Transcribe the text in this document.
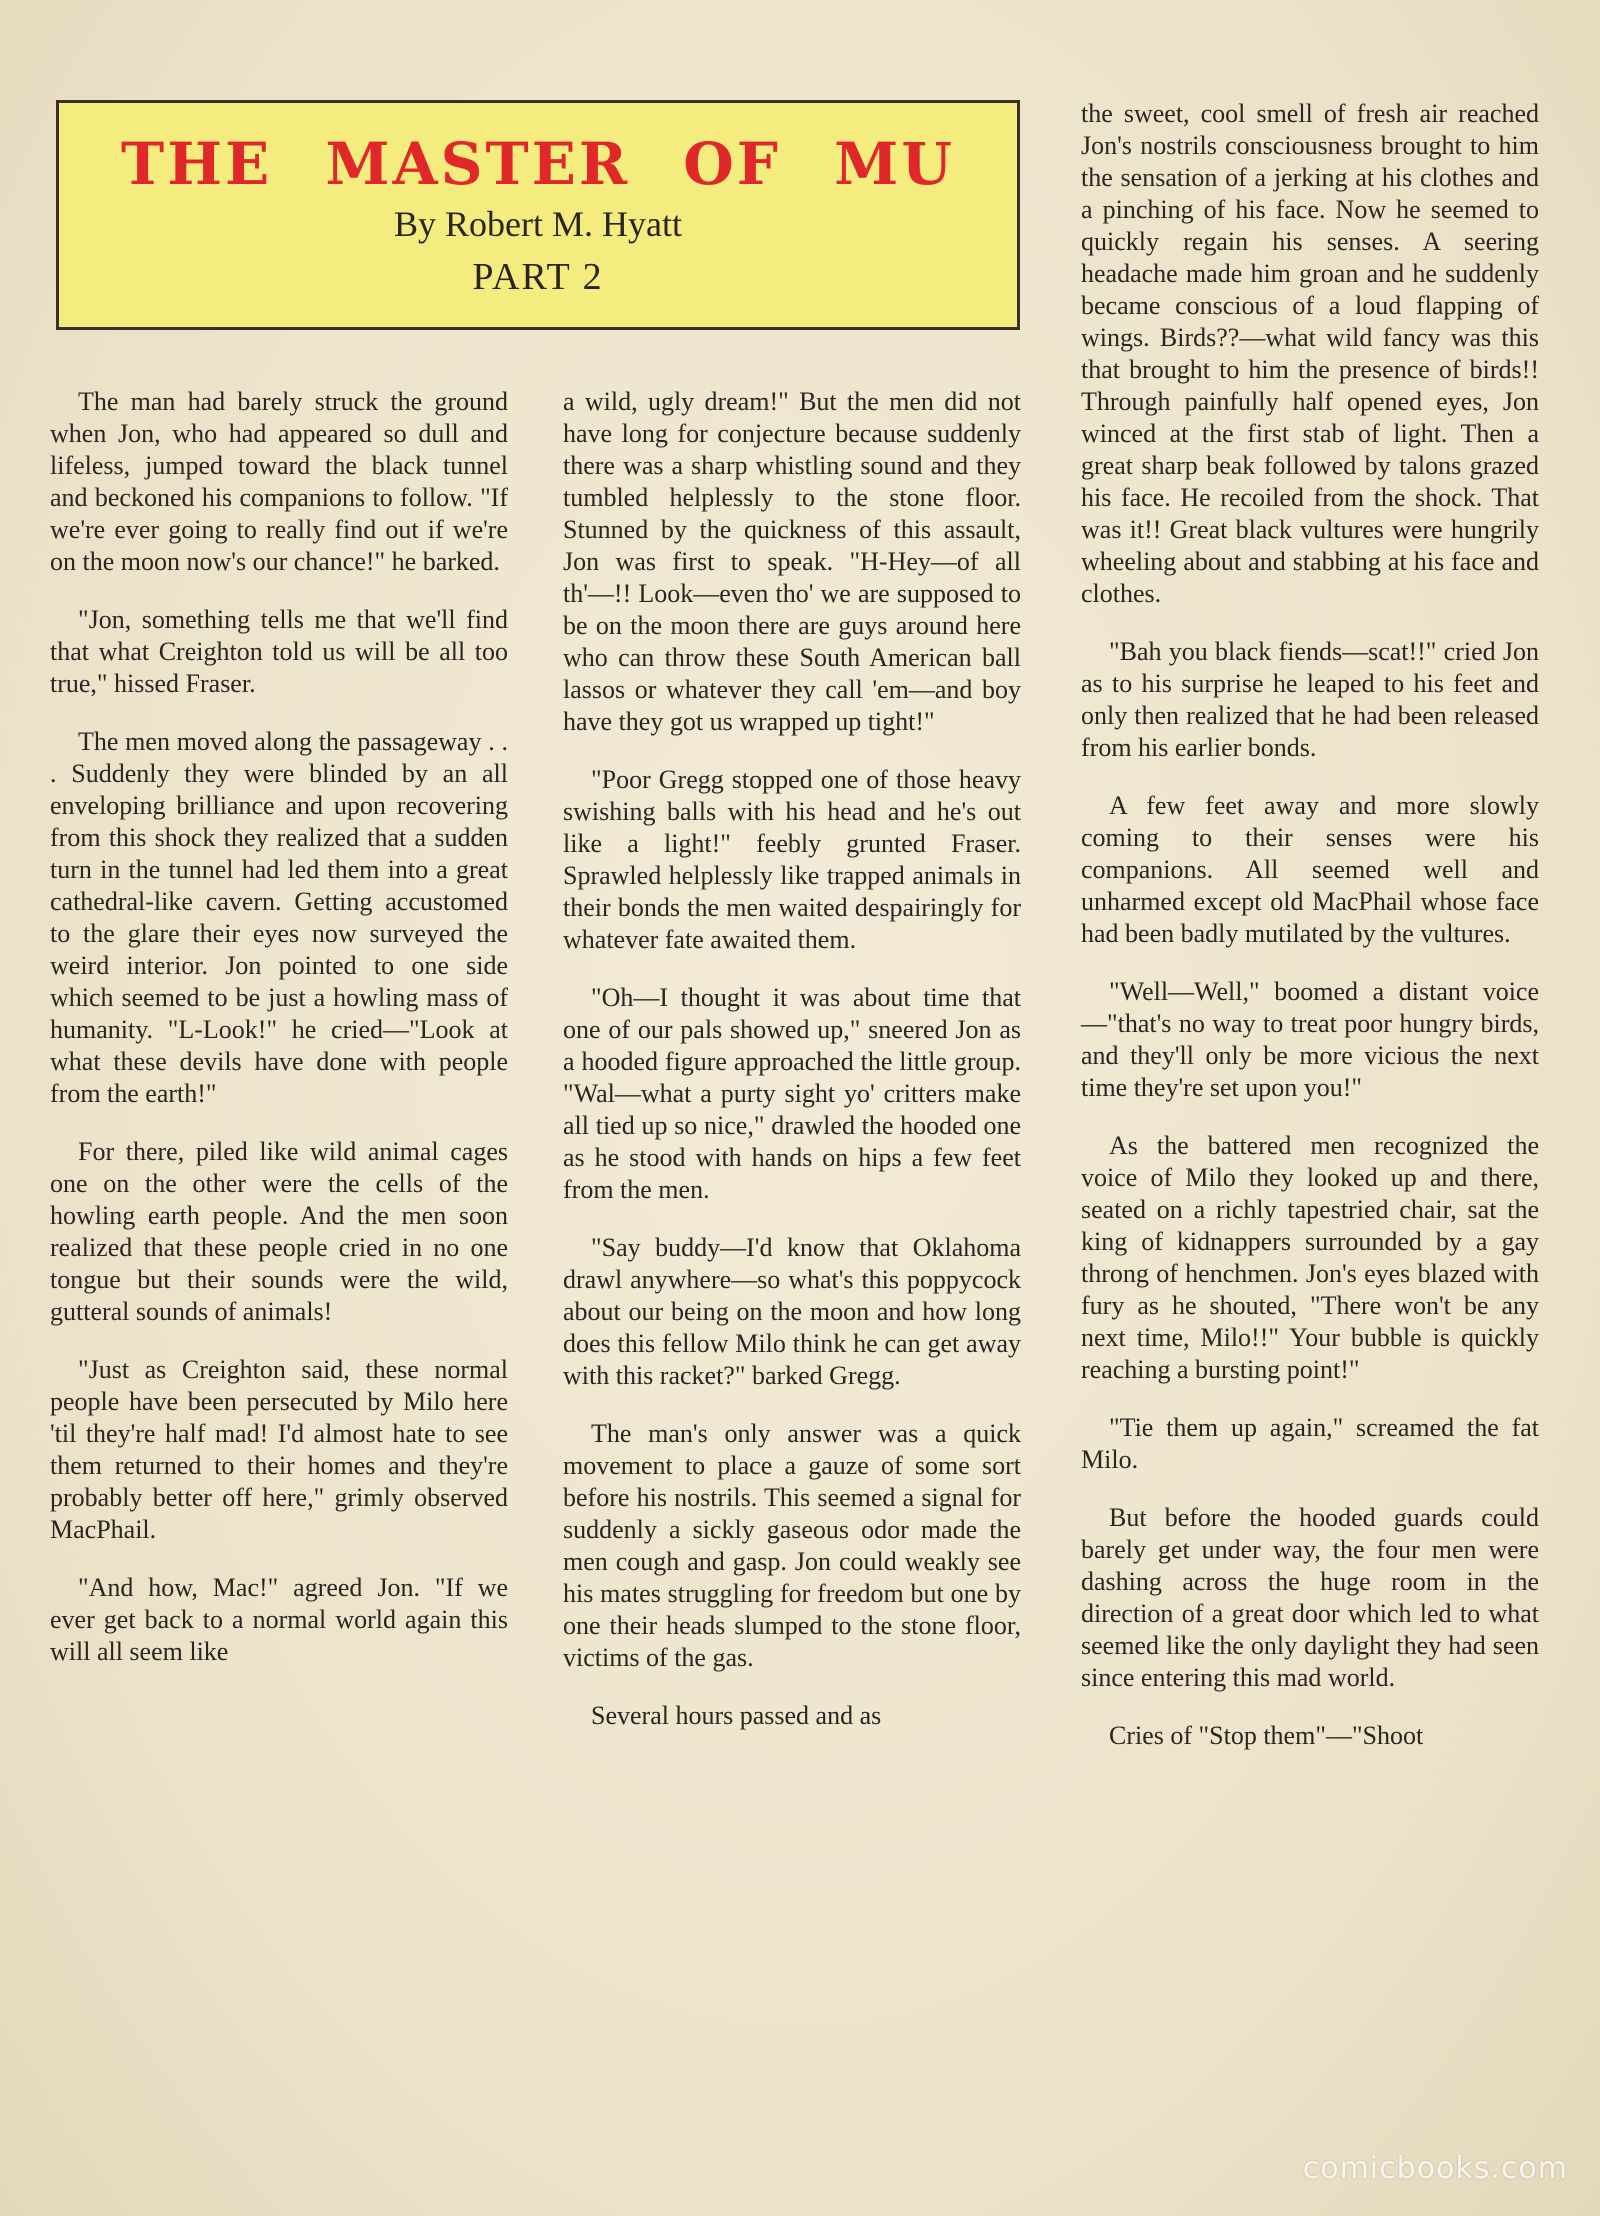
THE MASTER OF MU
By Robert M. Hyatt
PART 2

The man had barely struck the ground when Jon, who had appeared so dull and lifeless, jumped toward the black tunnel and beckoned his companions to follow. "If we're ever going to really find out if we're on the moon now's our chance!" he barked.

"Jon, something tells me that we'll find that what Creighton told us will be all too true," hissed Fraser.

The men moved along the passageway . . . Suddenly they were blinded by an all enveloping brilliance and upon recovering from this shock they realized that a sudden turn in the tunnel had led them into a great cathedral-like cavern. Getting accustomed to the glare their eyes now surveyed the weird interior. Jon pointed to one side which seemed to be just a howling mass of humanity. "L-Look!" he cried—"Look at what these devils have done with people from the earth!"

For there, piled like wild animal cages one on the other were the cells of the howling earth people. And the men soon realized that these people cried in no one tongue but their sounds were the wild, gutteral sounds of animals!

"Just as Creighton said, these normal people have been persecuted by Milo here 'til they're half mad! I'd almost hate to see them returned to their homes and they're probably better off here," grimly observed MacPhail.

"And how, Mac!" agreed Jon. "If we ever get back to a normal world again this will all seem like

a wild, ugly dream!" But the men did not have long for conjecture because suddenly there was a sharp whistling sound and they tumbled helplessly to the stone floor. Stunned by the quickness of this assault, Jon was first to speak. "H-Hey—of all th'—!! Look—even tho' we are supposed to be on the moon there are guys around here who can throw these South American ball lassos or whatever they call 'em—and boy have they got us wrapped up tight!"

"Poor Gregg stopped one of those heavy swishing balls with his head and he's out like a light!" feebly grunted Fraser. Sprawled helplessly like trapped animals in their bonds the men waited despairingly for whatever fate awaited them.

"Oh—I thought it was about time that one of our pals showed up," sneered Jon as a hooded figure approached the little group. "Wal—what a purty sight yo' critters make all tied up so nice," drawled the hooded one as he stood with hands on hips a few feet from the men.

"Say buddy—I'd know that Oklahoma drawl anywhere—so what's this poppycock about our being on the moon and how long does this fellow Milo think he can get away with this racket?" barked Gregg.

The man's only answer was a quick movement to place a gauze of some sort before his nostrils. This seemed a signal for suddenly a sickly gaseous odor made the men cough and gasp. Jon could weakly see his mates struggling for freedom but one by one their heads slumped to the stone floor, victims of the gas.

Several hours passed and as

the sweet, cool smell of fresh air reached Jon's nostrils consciousness brought to him the sensation of a jerking at his clothes and a pinching of his face. Now he seemed to quickly regain his senses. A seering headache made him groan and he suddenly became conscious of a loud flapping of wings. Birds??—what wild fancy was this that brought to him the presence of birds!! Through painfully half opened eyes, Jon winced at the first stab of light. Then a great sharp beak followed by talons grazed his face. He recoiled from the shock. That was it!! Great black vultures were hungrily wheeling about and stabbing at his face and clothes.

"Bah you black fiends—scat!!" cried Jon as to his surprise he leaped to his feet and only then realized that he had been released from his earlier bonds.

A few feet away and more slowly coming to their senses were his companions. All seemed well and unharmed except old MacPhail whose face had been badly mutilated by the vultures.

"Well—Well," boomed a distant voice—"that's no way to treat poor hungry birds, and they'll only be more vicious the next time they're set upon you!"

As the battered men recognized the voice of Milo they looked up and there, seated on a richly tapestried chair, sat the king of kidnappers surrounded by a gay throng of henchmen. Jon's eyes blazed with fury as he shouted, "There won't be any next time, Milo!!" Your bubble is quickly reaching a bursting point!"

"Tie them up again," screamed the fat Milo.

But before the hooded guards could barely get under way, the four men were dashing across the huge room in the direction of a great door which led to what seemed like the only daylight they had seen since entering this mad world.

Cries of "Stop them"—"Shoot

comicbooks.com
